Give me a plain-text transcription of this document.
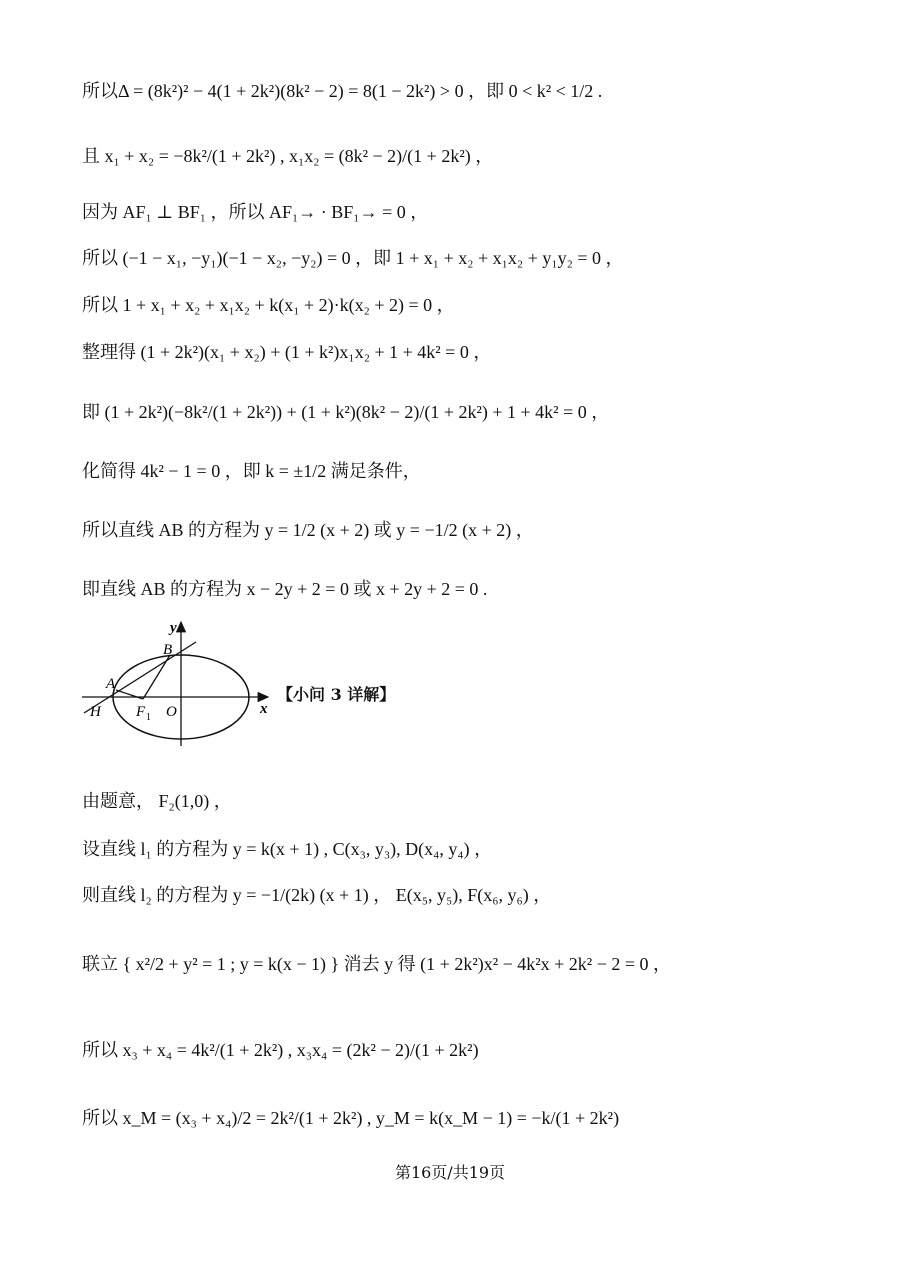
所以Δ = (8k²)² − 4(1 + 2k²)(8k² − 2) = 8(1 − 2k²) > 0 ，即 0 < k² < 1/2 .
且 x₁ + x₂ = −8k²/(1 + 2k²) , x₁x₂ = (8k² − 2)/(1 + 2k²) ，
因为 AF₁ ⊥ BF₁ ，所以 AF₁→ · BF₁→ = 0 ，
所以 (−1 − x₁, −y₁)(−1 − x₂, −y₂) = 0 ，即 1 + x₁ + x₂ + x₁x₂ + y₁y₂ = 0 ，
所以 1 + x₁ + x₂ + x₁x₂ + k(x₁ + 2)·k(x₂ + 2) = 0 ，
整理得 (1 + 2k²)(x₁ + x₂) + (1 + k²)x₁x₂ + 1 + 4k² = 0 ，
即 (1 + 2k²)(−8k²/(1 + 2k²)) + (1 + k²)(8k² − 2)/(1 + 2k²) + 1 + 4k² = 0 ，
化简得 4k² − 1 = 0 ，即 k = ±1/2 满足条件，
所以直线 AB 的方程为 y = 1/2 (x + 2) 或 y = −1/2 (x + 2) ，
即直线 AB 的方程为 x − 2y + 2 = 0 或 x + 2y + 2 = 0 .
y
x
B
A
H F 1 O
【小问 3 详解】
由题意， F₂(1,0) ，
设直线 l₁ 的方程为 y = k(x + 1) , C(x₃, y₃), D(x₄, y₄) ，
则直线 l₂ 的方程为 y = −1/(2k) (x + 1) ， E(x₅, y₅), F(x₆, y₆) ，
联立 { x²/2 + y² = 1 ; y = k(x − 1) } 消去 y 得 (1 + 2k²)x² − 4k²x + 2k² − 2 = 0 ，
所以 x₃ + x₄ = 4k²/(1 + 2k²) , x₃x₄ = (2k² − 2)/(1 + 2k²)
所以 x_M = (x₃ + x₄)/2 = 2k²/(1 + 2k²) , y_M = k(x_M − 1) = −k/(1 + 2k²)
第16页/共19页
